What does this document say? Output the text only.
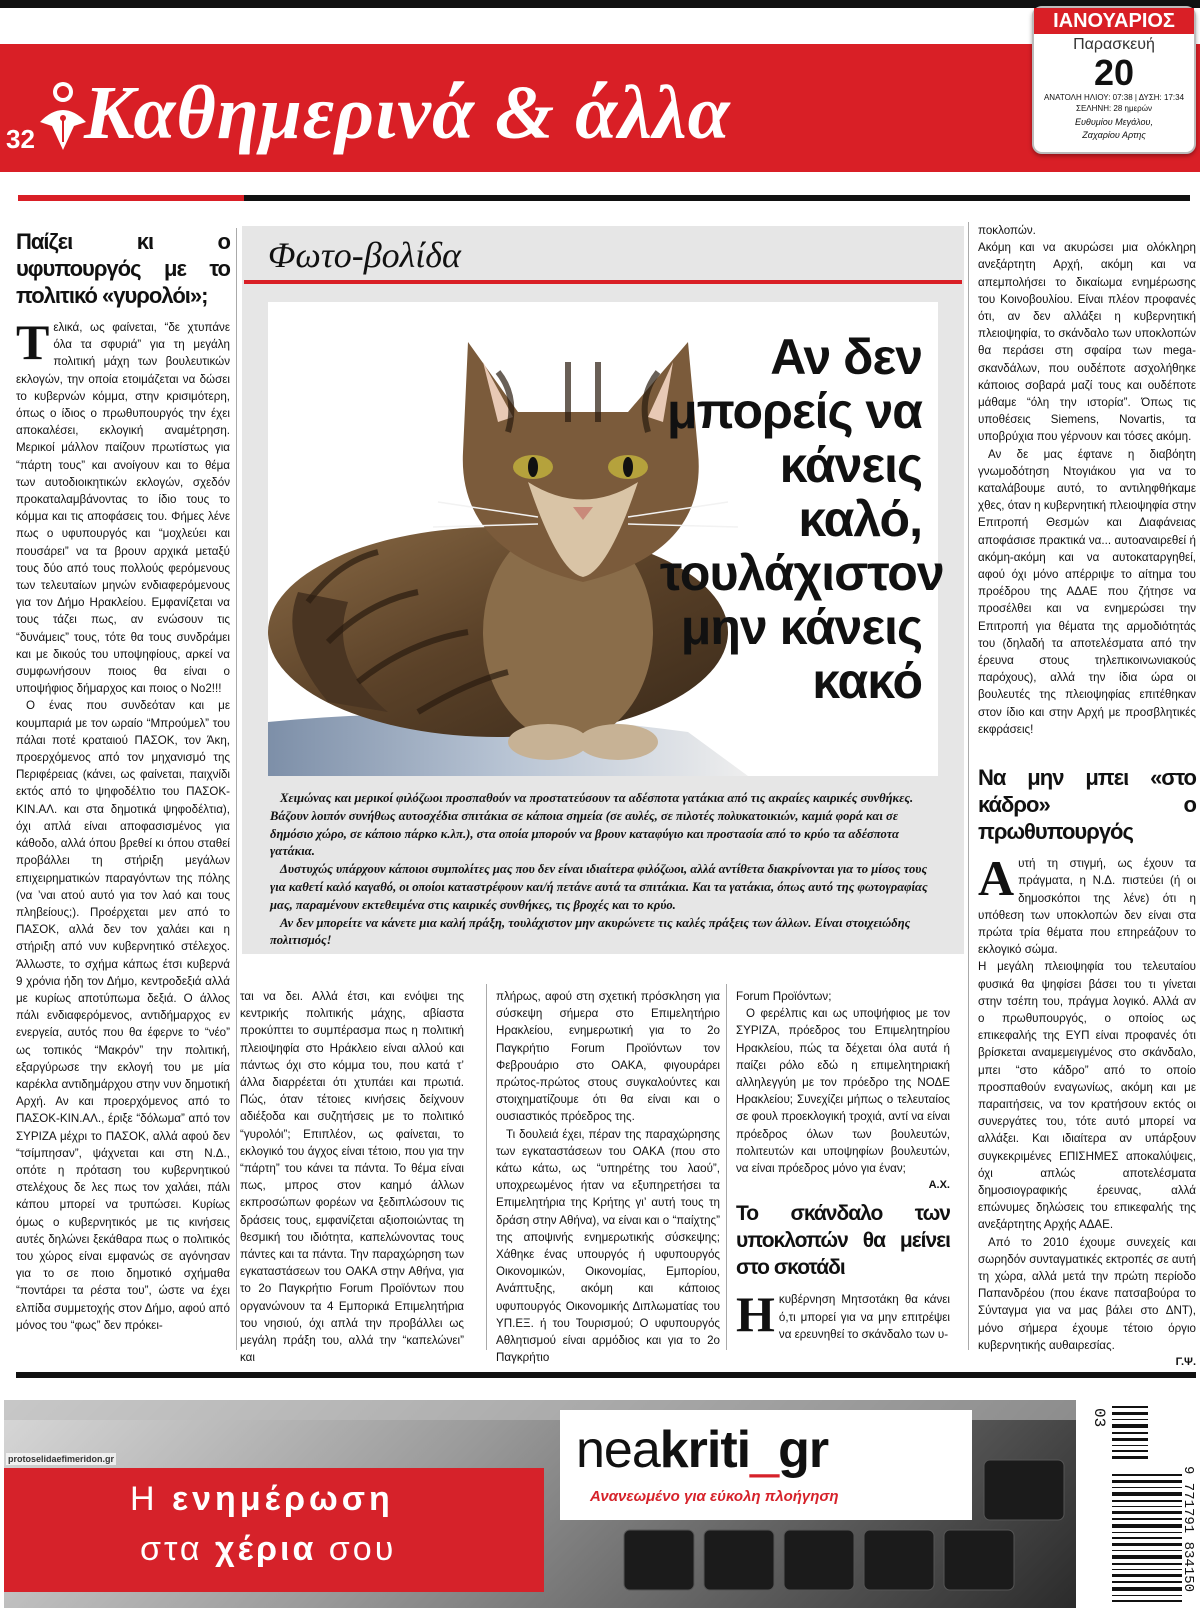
32 Καθημερινά & άλλα
ΙΑΝΟΥΑΡΙΟΣ
Παρασκευή
20
ΑΝΑΤΟΛΗ ΗΛΙΟΥ: 07:38 | ΔΥΣΗ: 17:34
ΣΕΛΗΝΗ: 28 ημερών
Ευθυμίου Μεγάλου,
Ζαχαρίου Αρτης
Παίζει κι ο υφυπουργός με το πολιτικό «γυρολόι»;

Τελικά, ως φαίνεται, “δε χτυπάνε όλα τα σφυριά” για τη μεγάλη πολιτική μάχη των βουλευτικών εκλογών, την οποία ετοιμάζεται να δώσει το κυβερνών κόμμα, στην κρισιμότερη, όπως ο ίδιος ο πρωθυπουργός την έχει αποκαλέσει, εκλογική αναμέτρηση. Μερικοί μάλλον παίζουν πρωτίστως για “πάρτη τους” και ανοίγουν και το θέμα των αυτοδιοικητικών εκλογών, σχεδόν προκαταλαμβάνοντας το ίδιο τους το κόμμα και τις αποφάσεις του. Φήμες λένε πως ο υφυπουργός και “μοχλεύει και πουσάρει” να τα βρουν αρχικά μεταξύ τους δύο από τους πολλούς φερόμενους των τελευταίων μηνών ενδιαφερόμενους για τον Δήμο Ηρακλείου. Εμφανίζεται να τους τάζει πως, αν ενώσουν τις “δυνάμεις” τους, τότε θα τους συνδράμει και με δικούς του υποψηφίους, αρκεί να συμφωνήσουν ποιος θα είναι ο υποψήφιος δήμαρχος και ποιος ο Νο2!!!

Ο ένας που συνδεόταν και με κουμπαριά με τον ωραίο “Μπρούμελ” του πάλαι ποτέ κραταιού ΠΑΣΟΚ, τον Άκη, προερχόμενος από τον μηχανισμό της Περιφέρειας (κάνει, ως φαίνεται, παιχνίδι εκτός από το ψηφοδέλτιο του ΠΑΣΟΚ-ΚΙΝ.ΑΛ. και στα δημοτικά ψηφοδέλτια), όχι απλά είναι αποφασισμένος για κάθοδο, αλλά όπου βρεθεί κι όπου σταθεί προβάλλει τη στήριξη μεγάλων επιχειρηματικών παραγόντων της πόλης (να ’ναι ατού αυτό για τον λαό και τους πληβείους;). Προέρχεται μεν από το ΠΑΣΟΚ, αλλά δεν τον χαλάει και η στήριξη από νυν κυβερνητικό στέλεχος. Άλλωστε, το σχήμα κάπως έτσι κυβερνά 9 χρόνια ήδη τον Δήμο, κεντροδεξιά αλλά με κυρίως αποτύπωμα δεξιά. Ο άλλος πάλι ενδιαφερόμενος, αντιδήμαρχος εν ενεργεία, αυτός που θα έφερνε το “νέο” ως τοπικός “Μακρόν” την πολιτική, εξαργύρωσε την εκλογή του με μία καρέκλα αντιδημάρχου στην νυν δημοτική Αρχή. Αν και προερχόμενος από το ΠΑΣΟΚ-ΚΙΝ.ΑΛ., έριξε “δόλωμα” από τον ΣΥΡΙΖΑ μέχρι το ΠΑΣΟΚ, αλλά αφού δεν “τσίμπησαν”, ψάχνεται και στη Ν.Δ., οπότε η πρόταση του κυβερνητικού στελέχους δε λες πως τον χαλάει, πάλι κάπου μπορεί να τρυπώσει. Κυρίως όμως ο κυβερνητικός με τις κινήσεις αυτές δηλώνει ξεκάθαρα πως ο πολιτικός του χώρος είναι εμφανώς σε αγόνησαν για το σε ποιο δημοτικό σχήμαθα “ποντάρει τα ρέστα του”, ώστε να έχει ελπίδα συμμετοχής στον Δήμο, αφού από μόνος του “φως” δεν πρόκει-

Φωτο-βολίδα
Αν δεν μπορείς να κάνεις καλό, τουλάχιστον μην κάνεις κακό

Χειμώνας και μερικοί φιλόζωοι προσπαθούν να προστατεύσουν τα αδέσποτα γατάκια από τις ακραίες καιρικές συνθήκες. Βάζουν λοιπόν συνήθως αυτοσχέδια σπιτάκια σε κάποια σημεία (σε αυλές, σε πιλοτές πολυκατοικιών, καμιά φορά και σε δημόσιο χώρο, σε κάποιο πάρκο κ.λπ.), στα οποία μπορούν να βρουν καταφύγιο και προστασία από το κρύο τα αδέσποτα γατάκια.

Δυστυχώς υπάρχουν κάποιοι συμπολίτες μας που δεν είναι ιδιαίτερα φιλόζωοι, αλλά αντίθετα διακρίνονται για το μίσος τους για καθετί καλό καγαθό, οι οποίοι καταστρέφουν και/ή πετάνε αυτά τα σπιτάκια. Και τα γατάκια, όπως αυτό της φωτογραφίας μας, παραμένουν εκτεθειμένα στις καιρικές συνθήκες, τις βροχές και το κρύο.

Αν δεν μπορείτε να κάνετε μια καλή πράξη, τουλάχιστον μην ακυρώνετε τις καλές πράξεις των άλλων. Είναι στοιχειώδης πολιτισμός!

ται να δει. Αλλά έτσι, και ενόψει της κεντρικής πολιτικής μάχης, αβίαστα προκύπτει το συμπέρασμα πως η πολιτική πλειοψηφία στο Ηράκλειο είναι αλλού και πάντως όχι στο κόμμα του, που κατά τ’ άλλα διαρρέεται ότι χτυπάει και πρωτιά. Πώς, όταν τέτοιες κινήσεις δείχνουν αδιέξοδα και συζητήσεις με το πολιτικό “γυρολόι”; Επιπλέον, ως φαίνεται, το εκλογικό του άγχος είναι τέτοιο, που για την “πάρτη” του κάνει τα πάντα. Το θέμα είναι πως, μπρος στον καημό άλλων εκπροσώπων φορέων να ξεδιπλώσουν τις δράσεις τους, εμφανίζεται αξιοποιώντας τη θεσμική του ιδιότητα, καπελώνοντας τους πάντες και τα πάντα. Την παραχώρηση των εγκαταστάσεων του ΟΑΚΑ στην Αθήνα, για το 2ο Παγκρήτιο Forum Προϊόντων που οργανώνουν τα 4 Εμπορικά Επιμελητήρια του νησιού, όχι απλά την προβάλλει ως μεγάλη πράξη του, αλλά την “καπελώνει” και

πλήρως, αφού στη σχετική πρόσκληση για σύσκεψη σήμερα στο Επιμελητήριο Ηρακλείου, ενημερωτική για το 2ο Παγκρήτιο Forum Προϊόντων τον Φεβρουάριο στο ΟΑΚΑ, φιγουράρει πρώτος-πρώτος στους συγκαλούντες και στοιχηματίζουμε ότι θα είναι και ο ουσιαστικός πρόεδρος της.

Τι δουλειά έχει, πέραν της παραχώρησης των εγκαταστάσεων του ΟΑΚΑ (που στο κάτω κάτω, ως “υπηρέτης του λαού”, υποχρεωμένος ήταν να εξυπηρετήσει τα Επιμελητήρια της Κρήτης γι’ αυτή τους τη δράση στην Αθήνα), να είναι και ο “παίχτης” της αποψινής ενημερωτικής σύσκεψης; Χάθηκε ένας υπουργός ή υφυπουργός Οικονομικών, Οικονομίας, Εμπορίου, Ανάπτυξης, ακόμη και κάποιος υφυπουργός Οικονομικής Διπλωματίας του ΥΠ.ΕΞ. ή του Τουρισμού; Ο υφυπουργός Αθλητισμού είναι αρμόδιος και για το 2ο Παγκρήτιο

Forum Προϊόντων;

Ο φερέλπις και ως υποψήφιος με τον ΣΥΡΙΖΑ, πρόεδρος του Επιμελητηρίου Ηρακλείου, πώς τα δέχεται όλα αυτά ή παίζει ρόλο εδώ η επιμελητηριακή αλληλεγγύη με τον πρόεδρο της ΝΟΔΕ Ηρακλείου; Συνεχίζει μήπως ο τελευταίος σε φουλ προεκλογική τροχιά, αντί να είναι πρόεδρος όλων των βουλευτών, πολιτευτών και υποψηφίων βουλευτών, να είναι πρόεδρος μόνο για έναν;

Α.Χ.
Το σκάνδαλο των υποκλοπών θα μείνει στο σκοτάδι

Ηκυβέρνηση Μητσοτάκη θα κάνει ό,τι μπορεί για να μην επιτρέψει να ερευνηθεί το σκάνδαλο των υ-

ποκλοπών.

Ακόμη και να ακυρώσει μια ολόκληρη ανεξάρτητη Αρχή, ακόμη και να απεμπολήσει το δικαίωμα ενημέρωσης του Κοινοβουλίου. Είναι πλέον προφανές ότι, αν δεν αλλάξει η κυβερνητική πλειοψηφία, το σκάνδαλο των υποκλοπών θα περάσει στη σφαίρα των mega-σκανδάλων, που ουδέποτε ασχολήθηκε κάποιος σοβαρά μαζί τους και ουδέποτε μάθαμε “όλη την ιστορία”. Όπως τις υποθέσεις Siemens, Novartis, τα υποβρύχια που γέρνουν και τόσες ακόμη.

Αν δε μας έφτανε η διαβόητη γνωμοδότηση Ντογιάκου για να το καταλάβουμε αυτό, το αντιληφθήκαμε χθες, όταν η κυβερνητική πλειοψηφία στην Επιτροπή Θεσμών και Διαφάνειας απoφάσισε πρακτικά να... αυτοαναιρεθεί ή ακόμη-ακόμη και να αυτοκαταργηθεί, αφού όχι μόνο απέρριψε το αίτημα του προέδρου της ΑΔΑΕ που ζήτησε να προσέλθει και να ενημερώσει την Επιτροπή για θέματα της αρμοδιότητάς του (δηλαδή τα αποτελέσματα από την έρευνα στους τηλεπικοινωνιακούς παρόχους), αλλά την ίδια ώρα οι βουλευτές της πλειοψηφίας επιτέθηκαν στον ίδιο και στην Αρχή με προσβλητικές εκφράσεις!

Να μην μπει «στο κάδρο» ο πρωθυπουργός

Αυτή τη στιγμή, ως έχουν τα πράγματα, η Ν.Δ. πιστεύει (ή οι δημοσκόποι της λένε) ότι η υπόθεση των υποκλοπών δεν είναι στα πρώτα τρία θέματα που επηρεάζουν το εκλογικό σώμα.

Η μεγάλη πλειοψηφία του τελευταίου φυσικά θα ψηφίσει βάσει του τι γίνεται στην τσέπη του, πράγμα λογικό. Αλλά αν ο πρωθυπουργός, ο οποίος ως επικεφαλής της ΕΥΠ είναι προφανές ότι βρίσκεται αναμεμειγμένος στο σκάνδαλο, μπει “στο κάδρο” από το οποίο προσπαθούν εναγωνίως, ακόμη και με παραιτήσεις, να τον κρατήσουν εκτός οι συνεργάτες του, τότε αυτό μπορεί να αλλάξει. Και ιδιαίτερα αν υπάρξουν συγκεκριμένες ΕΠΙΣΗΜΕΣ αποκαλύψεις, όχι απλώς αποτελέσματα δημοσιογραφικής έρευνας, αλλά επώνυμες δηλώσεις του επικεφαλής της ανεξάρτητης Αρχής ΑΔΑΕ.

Από το 2010 έχουμε συνεχείς και σωρηδόν συνταγματικές εκτροπές σε αυτή τη χώρα, αλλά μετά την πρώτη περίοδο Παπανδρέου (που έκανε πατσαβούρα το Σύνταγμα για να μας βάλει στο ΔΝΤ), μόνο σήμερα έχουμε τέτοιο όργιο κυβερνητικής αυθαιρεσίας.

Γ.Ψ.
protoselidaefimeridon.gr
Η ενημέρωση
στα χέρια σου
neakriti_gr
Ανανεωμένο για εύκολη πλοήγηση
03
9 771791 834150
